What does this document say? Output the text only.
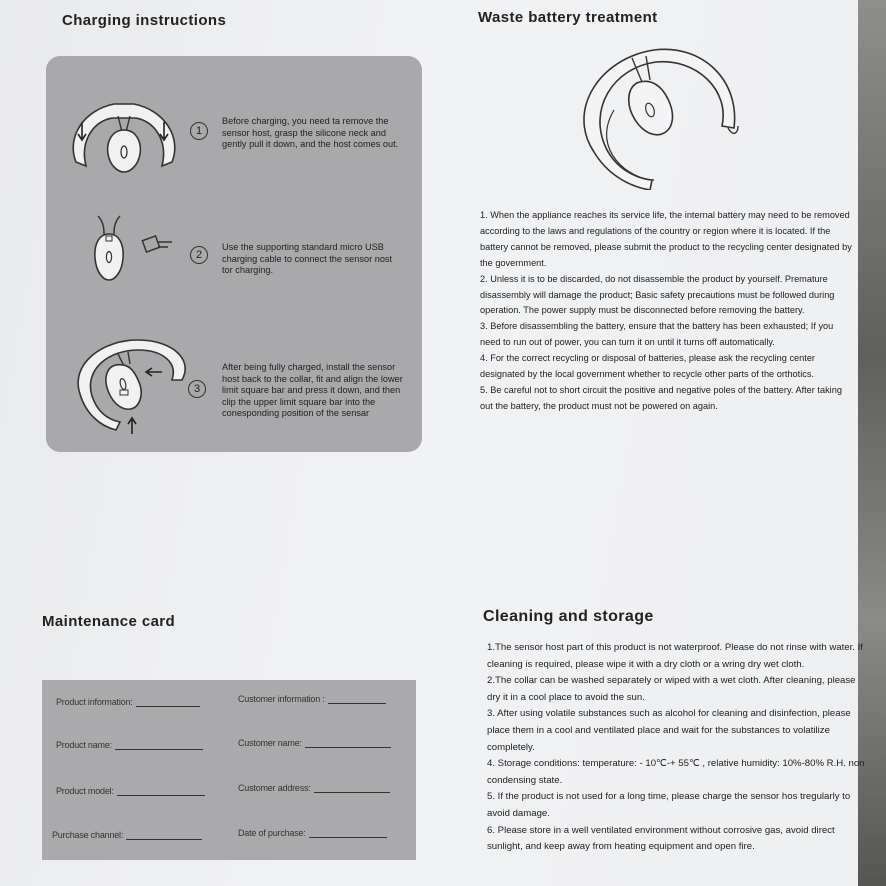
Charging instructions
1
Before charging, you need ta remove the sensor host, grasp the silicone neck and gently pull it down, and the host comes out.
2
Use the supporting standard micro USB charging cable to connect the sensor nost tor charging.
3
After being fully charged, install the sensor host back to the collar, fit and align the lower limit square bar and press it down, and then clip the upper limit square bar into the conesponding position of the sensar
Waste battery treatment

1. When the appliance reaches its service life, the internal battery may need to be removed according to the laws and regulations of the country or region where it is located. If the battery cannot be removed, please submit the product to the recycling center designated by the government.

2. Unless it is to be discarded, do not disassemble the product by yourself. Premature disassembly will damage the product; Basic safety precautions must be followed during operation. The power supply must be disconnected before removing the battery.

3. Before disassembling the battery, ensure that the battery has been exhausted; If you need to run out of power, you can turn it on until it turns off automatically.

4. For the correct recycling or disposal of batteries, please ask the recycling center designated by the local government whether to recycle other parts of the orthotics.

5. Be careful not to short circuit the positive and negative poles of the battery. After taking out the battery, the product must not be powered on again.

Maintenance card
Product information:	Customer information :
Product name:	Customer name:
Product model:	Customer address:
Purchase channel:	Date of purchase:
Cleaning and storage

1.The sensor host part of this product is not waterproof. Please do not rinse with water. If cleaning is required, please wipe it with a dry cloth or a wring dry wet cloth.

2.The collar can be washed separately or wiped with a wet cloth. After cleaning, please dry it in a cool place to avoid the sun.

3. After using volatile substances such as alcohol for cleaning and disinfection, please place them in a cool and ventilated place and wait for the substances to volatilize completely.

4. Storage conditions: temperature: - 10℃-+ 55℃ , relative humidity: 10%-80% R.H. non condensing state.

5. If the product is not used for a long time, please charge the sensor hos tregularly to avoid damage.

6. Please store in a well ventilated environment without corrosive gas, avoid direct sunlight, and keep away from heating equipment and open fire.
